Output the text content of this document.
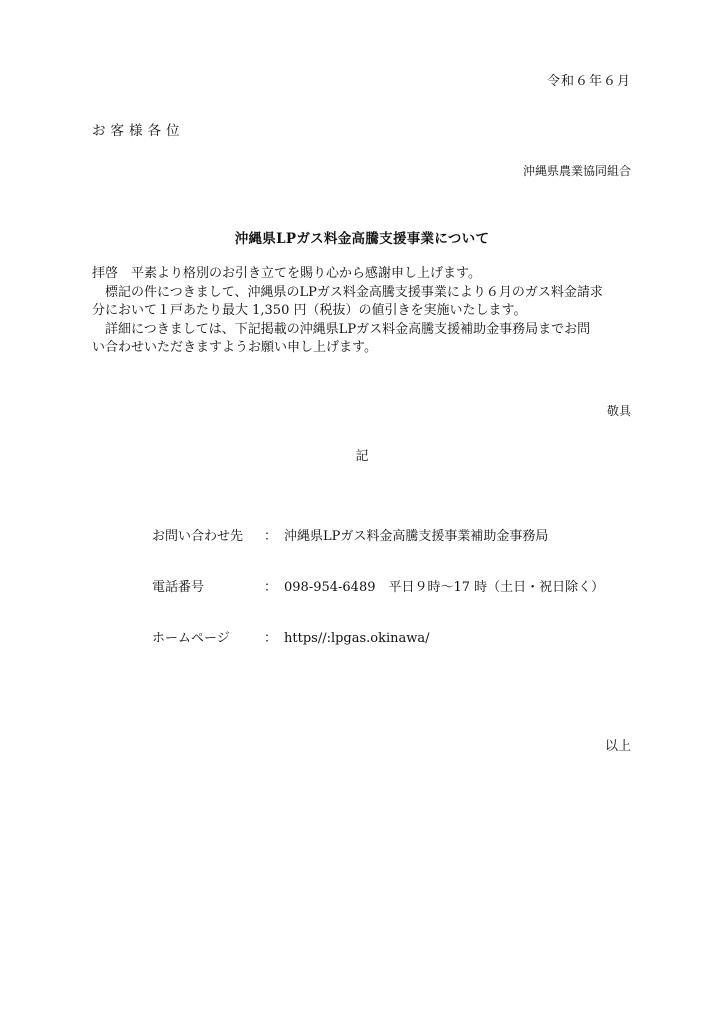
令和６年６月
お客様各位
沖縄県農業協同組合
沖縄県LPガス料金高騰支援事業について

拝啓　平素より格別のお引き立てを賜り心から感謝申し上げます。

　標記の件につきまして、沖縄県のLPガス料金高騰支援事業により６月のガス料金請求

分において１戸あたり最大 1,350 円（税抜）の値引きを実施いたします。

　詳細につきましては、下記掲載の沖縄県LPガス料金高騰支援補助金事務局までお問

い合わせいただきますようお願い申し上げます。

敬具
記
お問い合わせ先 ： 沖縄県LPガス料金高騰支援事業補助金事務局
電話番号	： 098-954-6489　平日９時～17 時（土日・祝日除く）
ホームページ	： https//:lpgas.okinawa/
以上
